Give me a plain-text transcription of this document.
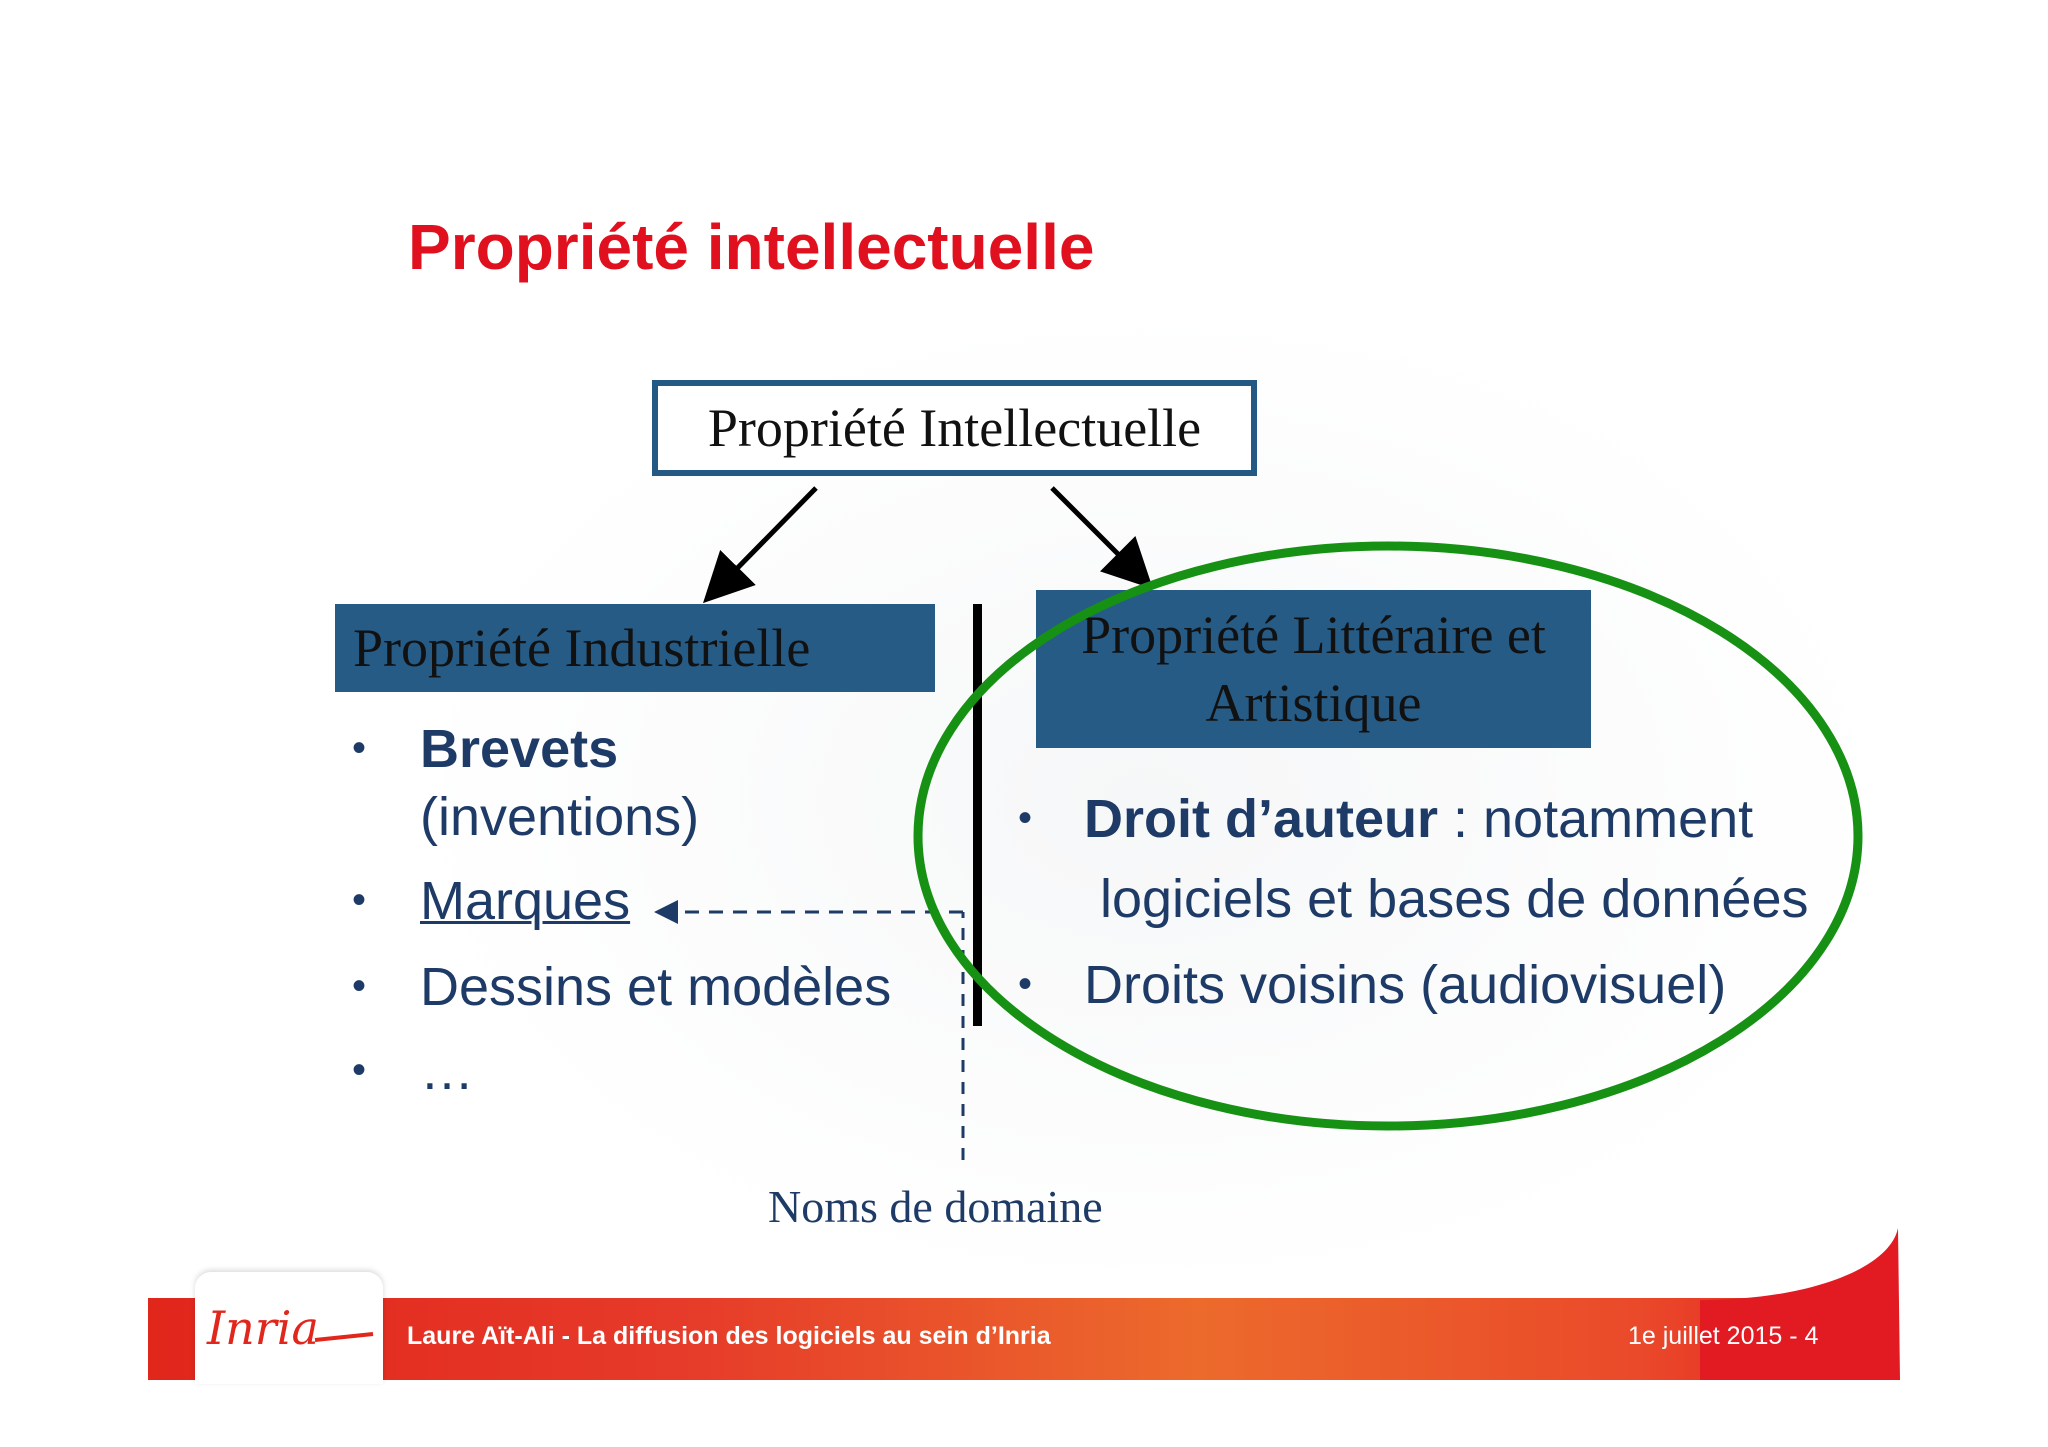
Propriété intellectuelle
Propriété Intellectuelle
Propriété Industrielle	Propriété Littéraire et
Artistique
• Brevets
(inventions)
• Marques
• Dessins et modèles
• …
• Droit d’auteur : notamment
logiciels et bases de données
• Droits voisins (audiovisuel)
Noms de domaine
Inria	Laure Aït-Ali - La diffusion des logiciels au sein d’Inria	1e juillet 2015 - 4
